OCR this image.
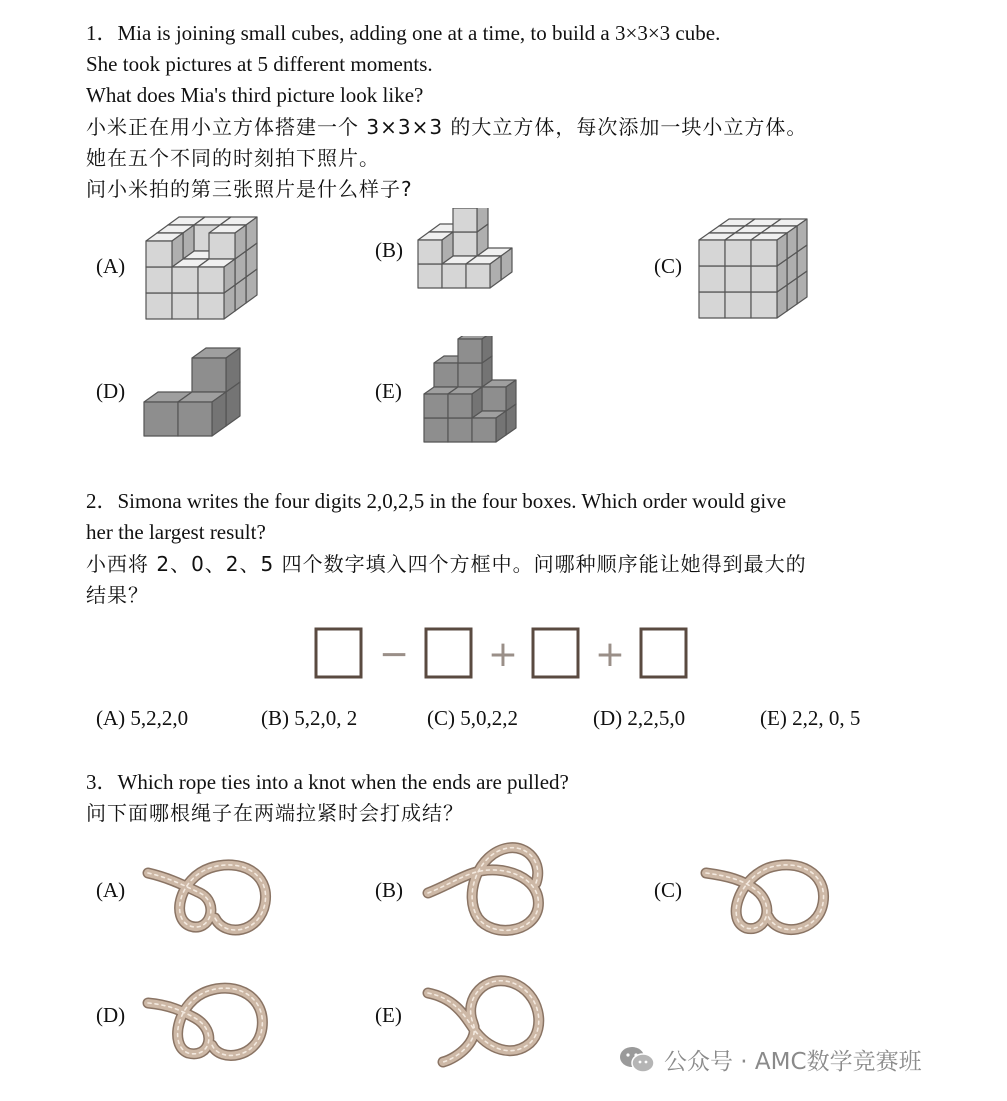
1．Mia is joining small cubes, adding one at a time, to build a 3×3×3 cube.
She took pictures at 5 different moments.
What does Mia's third picture look like?
小米正在用小立方体搭建一个 3×3×3 的大立方体，每次添加一块小立方体。
她在五个不同的时刻拍下照片。
问小米拍的第三张照片是什么样子?
(A)
(B)
(C)
(D)	(E)
2．Simona writes the four digits 2,0,2,5 in the four boxes. Which order would give
her the largest result?
小西将 2、0、2、5 四个数字填入四个方框中。问哪种顺序能让她得到最大的
结果？
− + +
(A) 5,2,2,0	(B) 5,2,0, 2	(C) 5,0,2,2	(D) 2,2,5,0	(E) 2,2, 0, 5
3．Which rope ties into a knot when the ends are pulled?
问下面哪根绳子在两端拉紧时会打成结？
(A)	(B)	(C)
(D)	(E)
公众号 · AMC数学竞赛班
